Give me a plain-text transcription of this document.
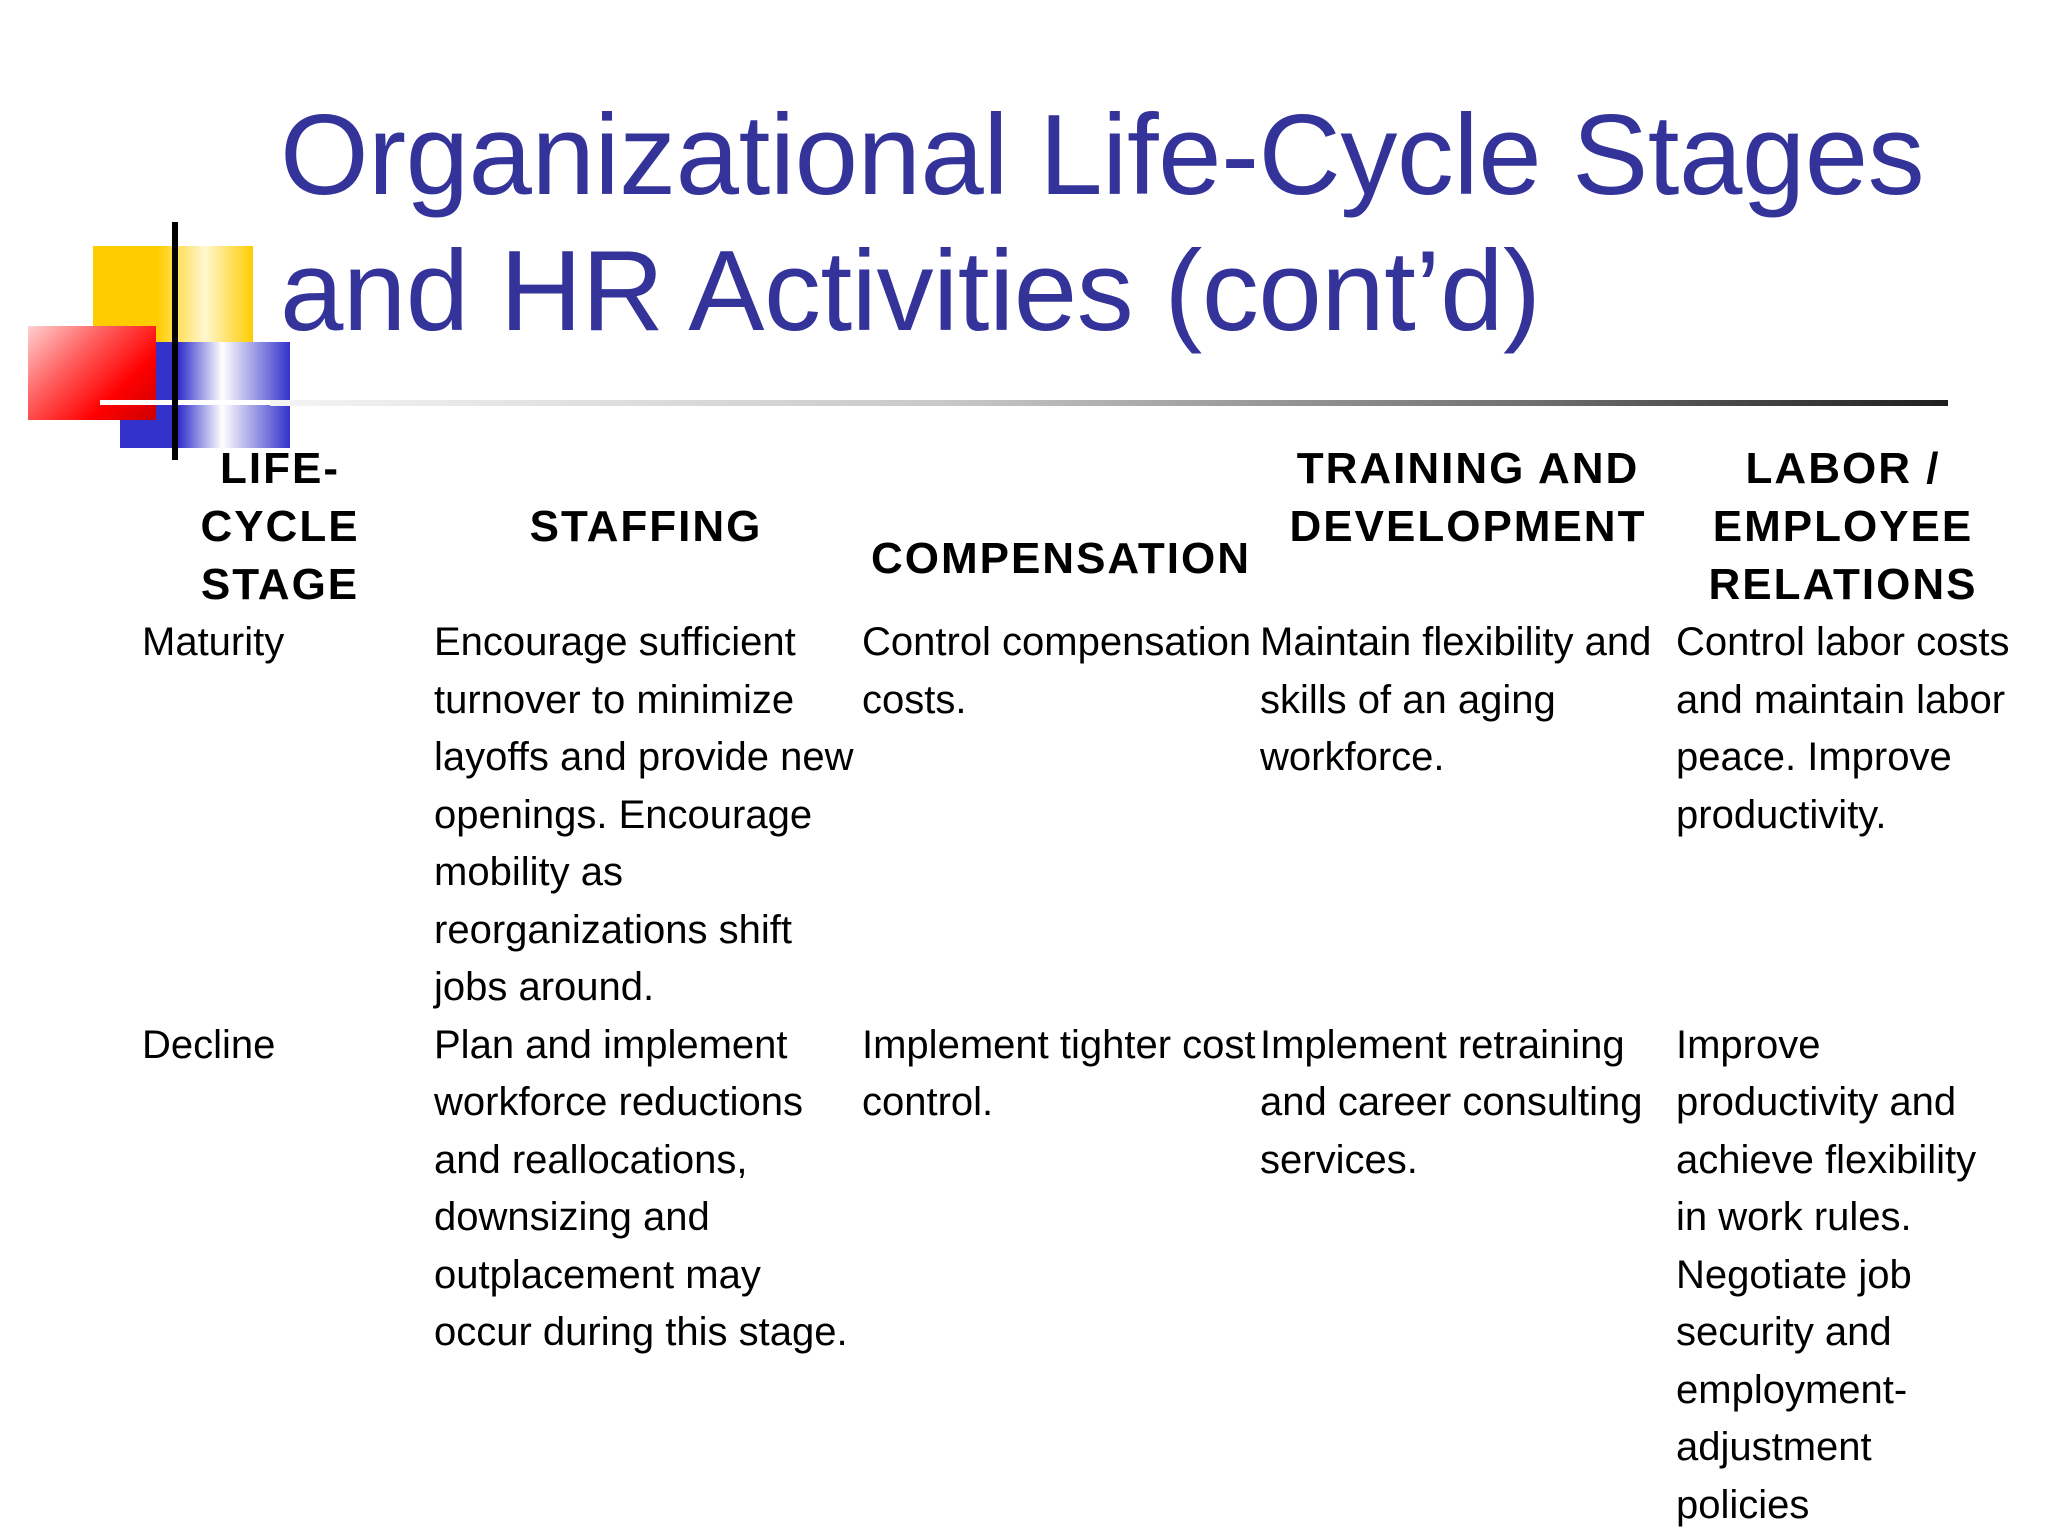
Organizational Life-Cycle Stages
and HR Activities (cont’d)
LIFE-CYCLE STAGE	STAFFING	COMPENSATION	TRAINING AND DEVELOPMENT	LABOR / EMPLOYEE RELATIONS
Maturity	Encourage sufficient turnover to minimize layoffs and provide new openings. Encourage mobility as reorganizations shift jobs around.	Control compensation costs.	Maintain flexibility and skills of an aging workforce.	Control labor costs and maintain labor peace. Improve productivity.
Decline	Plan and implement workforce reductions and reallocations, downsizing and outplacement may occur during this stage.	Implement tighter cost control.	Implement retraining and career consulting services.	Improve productivity and achieve flexibility in work rules. Negotiate job security and employment-adjustment policies
